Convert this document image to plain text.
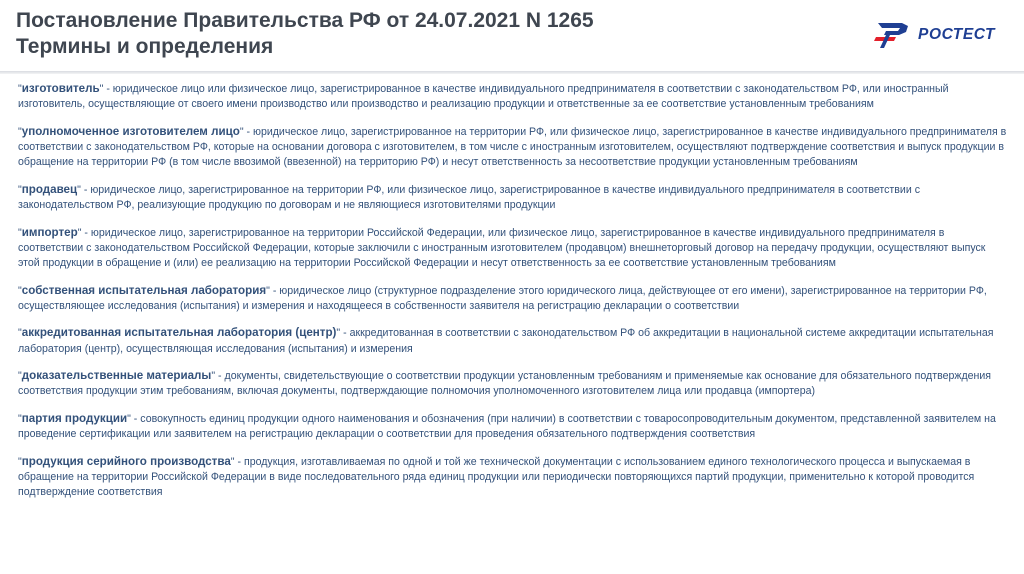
Постановление Правительства РФ от 24.07.2021 N 1265
Термины и определения
РОСТЕСТ

"изготовитель" - юридическое лицо или физическое лицо, зарегистрированное в качестве индивидуального предпринимателя в соответствии с законодательством РФ, или иностранный изготовитель, осуществляющие от своего имени производство или производство и реализацию продукции и ответственные за ее соответствие установленным требованиям

"уполномоченное изготовителем лицо" - юридическое лицо, зарегистрированное на территории РФ, или физическое лицо, зарегистрированное в качестве индивидуального предпринимателя в соответствии с законодательством РФ, которые на основании договора с изготовителем, в том числе с иностранным изготовителем, осуществляют подтверждение соответствия и выпуск продукции в обращение на территории РФ (в том числе ввозимой (ввезенной) на территорию РФ) и несут ответственность за несоответствие продукции установленным требованиям

"продавец" - юридическое лицо, зарегистрированное на территории РФ, или физическое лицо, зарегистрированное в качестве индивидуального предпринимателя в соответствии с законодательством РФ, реализующие продукцию по договорам и не являющиеся изготовителями продукции

"импортер" - юридическое лицо, зарегистрированное на территории Российской Федерации, или физическое лицо, зарегистрированное в качестве индивидуального предпринимателя в соответствии с законодательством Российской Федерации, которые заключили с иностранным изготовителем (продавцом) внешнеторговый договор на передачу продукции, осуществляют выпуск этой продукции в обращение и (или) ее реализацию на территории Российской Федерации и несут ответственность за ее соответствие установленным требованиям

"собственная испытательная лаборатория" - юридическое лицо (структурное подразделение этого юридического лица, действующее от его имени), зарегистрированное на территории РФ, осуществляющее исследования (испытания) и измерения и находящееся в собственности заявителя на регистрацию декларации о соответствии

"аккредитованная испытательная лаборатория (центр)" - аккредитованная в соответствии с законодательством РФ об аккредитации в национальной системе аккредитации испытательная лаборатория (центр), осуществляющая исследования (испытания) и измерения

"доказательственные материалы" - документы, свидетельствующие о соответствии продукции установленным требованиям и применяемые как основание для обязательного подтверждения соответствия продукции этим требованиям, включая документы, подтверждающие полномочия уполномоченного изготовителем лица или продавца (импортера)

"партия продукции" - совокупность единиц продукции одного наименования и обозначения (при наличии) в соответствии с товаросопроводительным документом, представленной заявителем на проведение сертификации или заявителем на регистрацию декларации о соответствии для проведения обязательного подтверждения соответствия

"продукция серийного производства" - продукция, изготавливаемая по одной и той же технической документации с использованием единого технологического процесса и выпускаемая в обращение на территории Российской Федерации в виде последовательного ряда единиц продукции или периодически повторяющихся партий продукции, применительно к которой проводится подтверждение соответствия
